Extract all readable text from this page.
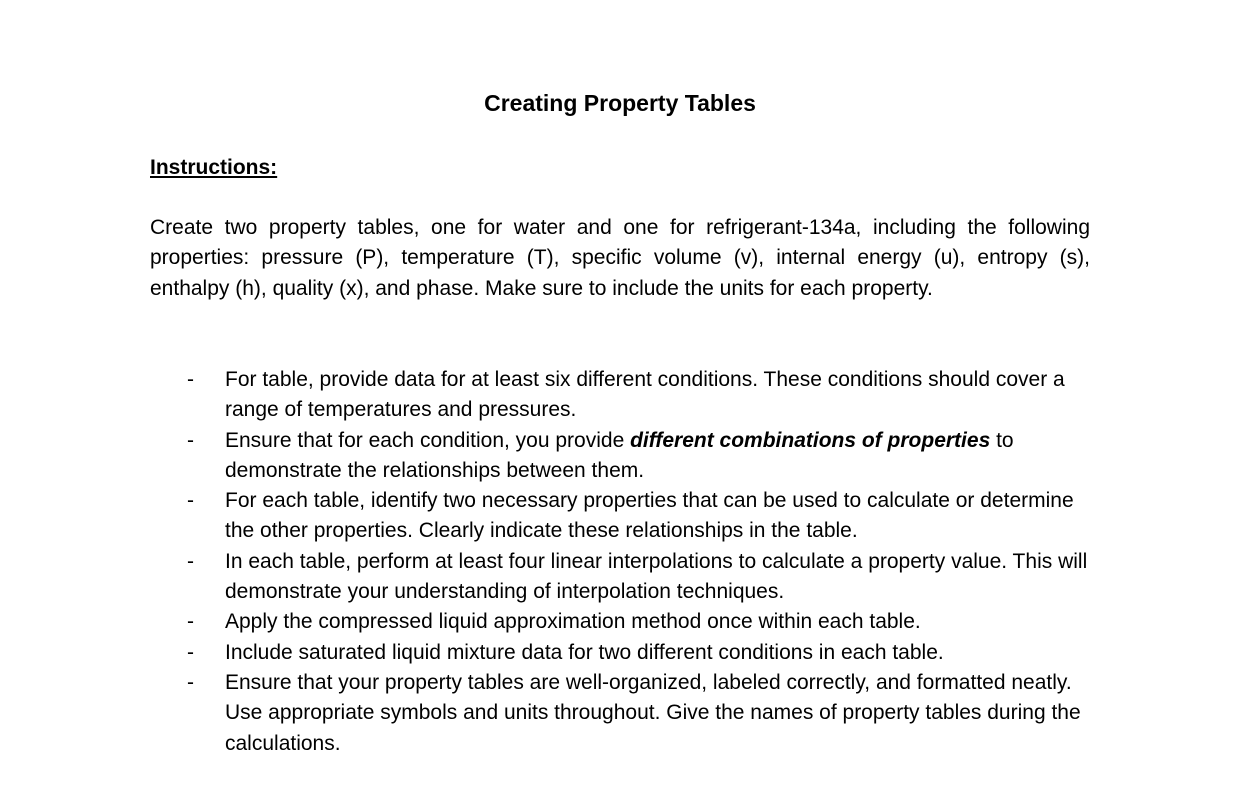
Creating Property Tables
Instructions:

Create two property tables, one for water and one for refrigerant-134a, including the following properties: pressure (P), temperature (T), specific volume (v), internal energy (u), entropy (s), enthalpy (h), quality (x), and phase. Make sure to include the units for each property.

- For table, provide data for at least six different conditions. These conditions should cover a range of temperatures and pressures.
- Ensure that for each condition, you provide different combinations of properties to demonstrate the relationships between them.
- For each table, identify two necessary properties that can be used to calculate or determine the other properties. Clearly indicate these relationships in the table.
- In each table, perform at least four linear interpolations to calculate a property value. This will demonstrate your understanding of interpolation techniques.
- Apply the compressed liquid approximation method once within each table.
- Include saturated liquid mixture data for two different conditions in each table.
- Ensure that your property tables are well-organized, labeled correctly, and formatted neatly. Use appropriate symbols and units throughout. Give the names of property tables during the calculations.
